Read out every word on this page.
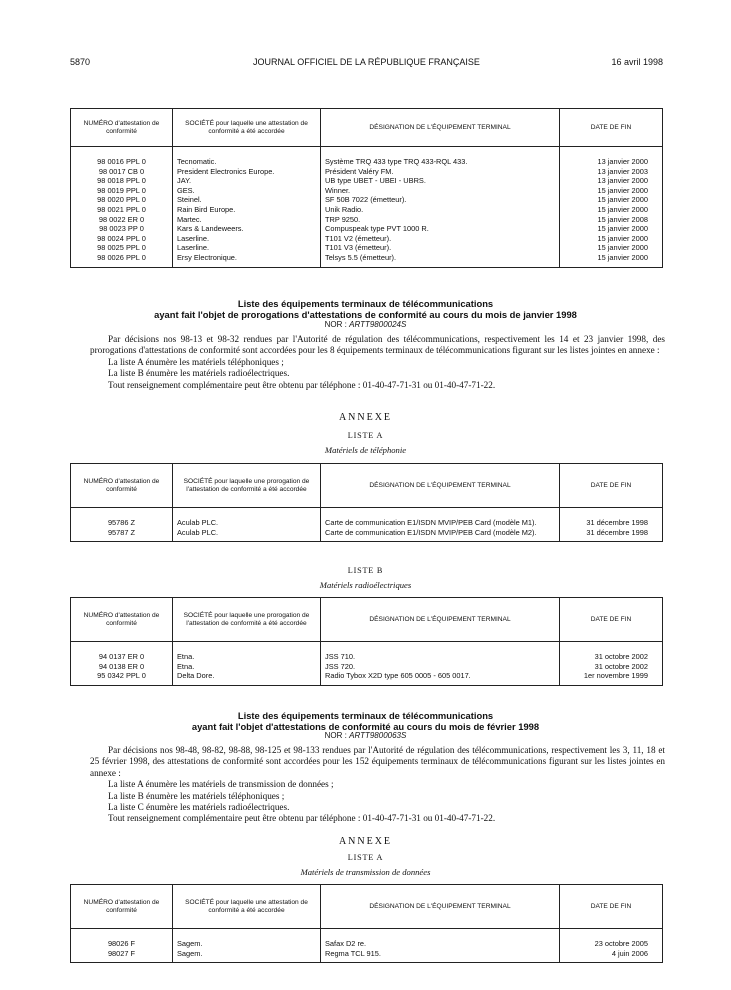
5870	JOURNAL OFFICIEL DE LA RÉPUBLIQUE FRANÇAISE	16 avril 1998
NUMÉRO d'attestation de conformité	SOCIÉTÉ pour laquelle une attestation de conformité a été accordée	DÉSIGNATION DE L'ÉQUIPEMENT TERMINAL	DATE DE FIN

98 0016 PPL 0	Tecnomatic.	Système TRQ 433 type TRQ 433-RQL 433.	13 janvier 2000
98 0017 CB 0	President Electronics Europe.	Président Valéry FM.	13 janvier 2003
98 0018 PPL 0	JAY.	UB type UBET - UBEI - UBRS.	13 janvier 2000
98 0019 PPL 0	GES.	Winner.	15 janvier 2000
98 0020 PPL 0	Steinel.	SF 50B 7022 (émetteur).	15 janvier 2000
98 0021 PPL 0	Rain Bird Europe.	Unik Radio.	15 janvier 2000
98 0022 ER 0	Martec.	TRP 9250.	15 janvier 2008
98 0023 PP 0	Kars & Landeweers.	Compuspeak type PVT 1000 R.	15 janvier 2000
98 0024 PPL 0	Laserline.	T101 V2 (émetteur).	15 janvier 2000
98 0025 PPL 0	Laserline.	T101 V3 (émetteur).	15 janvier 2000
98 0026 PPL 0	Ersy Electronique.	Telsys 5.5 (émetteur).	15 janvier 2000

Liste des équipements terminaux de télécommunications
ayant fait l'objet de prorogations d'attestations de conformité au cours du mois de janvier 1998
NOR : ARTT9800024S

Par décisions nos 98-13 et 98-32 rendues par l'Autorité de régulation des télécommunications, respectivement les 14 et 23 janvier 1998, des prorogations d'attestations de conformité sont accordées pour les 8 équipements terminaux de télécommunications figurant sur les listes jointes en annexe :

La liste A énumère les matériels téléphoniques ;

La liste B énumère les matériels radioélectriques.

Tout renseignement complémentaire peut être obtenu par téléphone : 01-40-47-71-31 ou 01-40-47-71-22.

ANNEXE
LISTE A
Matériels de téléphonie
NUMÉRO d'attestation de conformité	SOCIÉTÉ pour laquelle une prorogation de l'attestation de conformité a été accordée	DÉSIGNATION DE L'ÉQUIPEMENT TERMINAL	DATE DE FIN

95786 Z	Aculab PLC.	Carte de communication E1/ISDN MVIP/PEB Card (modèle M1).	31 décembre 1998
95787 Z	Aculab PLC.	Carte de communication E1/ISDN MVIP/PEB Card (modèle M2).	31 décembre 1998

LISTE B
Matériels radioélectriques
NUMÉRO d'attestation de conformité	SOCIÉTÉ pour laquelle une prorogation de l'attestation de conformité a été accordée	DÉSIGNATION DE L'ÉQUIPEMENT TERMINAL	DATE DE FIN

94 0137 ER 0	Etna.	JSS 710.	31 octobre 2002
94 0138 ER 0	Etna.	JSS 720.	31 octobre 2002
95 0342 PPL 0	Delta Dore.	Radio Tybox X2D type 605 0005 - 605 0017.	1er novembre 1999

Liste des équipements terminaux de télécommunications
ayant fait l'objet d'attestations de conformité au cours du mois de février 1998
NOR : ARTT9800063S

Par décisions nos 98-48, 98-82, 98-88, 98-125 et 98-133 rendues par l'Autorité de régulation des télécommunications, respectivement les 3, 11, 18 et 25 février 1998, des attestations de conformité sont accordées pour les 152 équipements terminaux de télécommunications figurant sur les listes jointes en annexe :

La liste A énumère les matériels de transmission de données ;

La liste B énumère les matériels téléphoniques ;

La liste C énumère les matériels radioélectriques.

Tout renseignement complémentaire peut être obtenu par téléphone : 01-40-47-71-31 ou 01-40-47-71-22.

ANNEXE
LISTE A
Matériels de transmission de données
NUMÉRO d'attestation de conformité	SOCIÉTÉ pour laquelle une attestation de conformité a été accordée	DÉSIGNATION DE L'ÉQUIPEMENT TERMINAL	DATE DE FIN

98026 F	Sagem.	Safax D2 re.	23 octobre 2005
98027 F	Sagem.	Regma TCL 915.	4 juin 2006
